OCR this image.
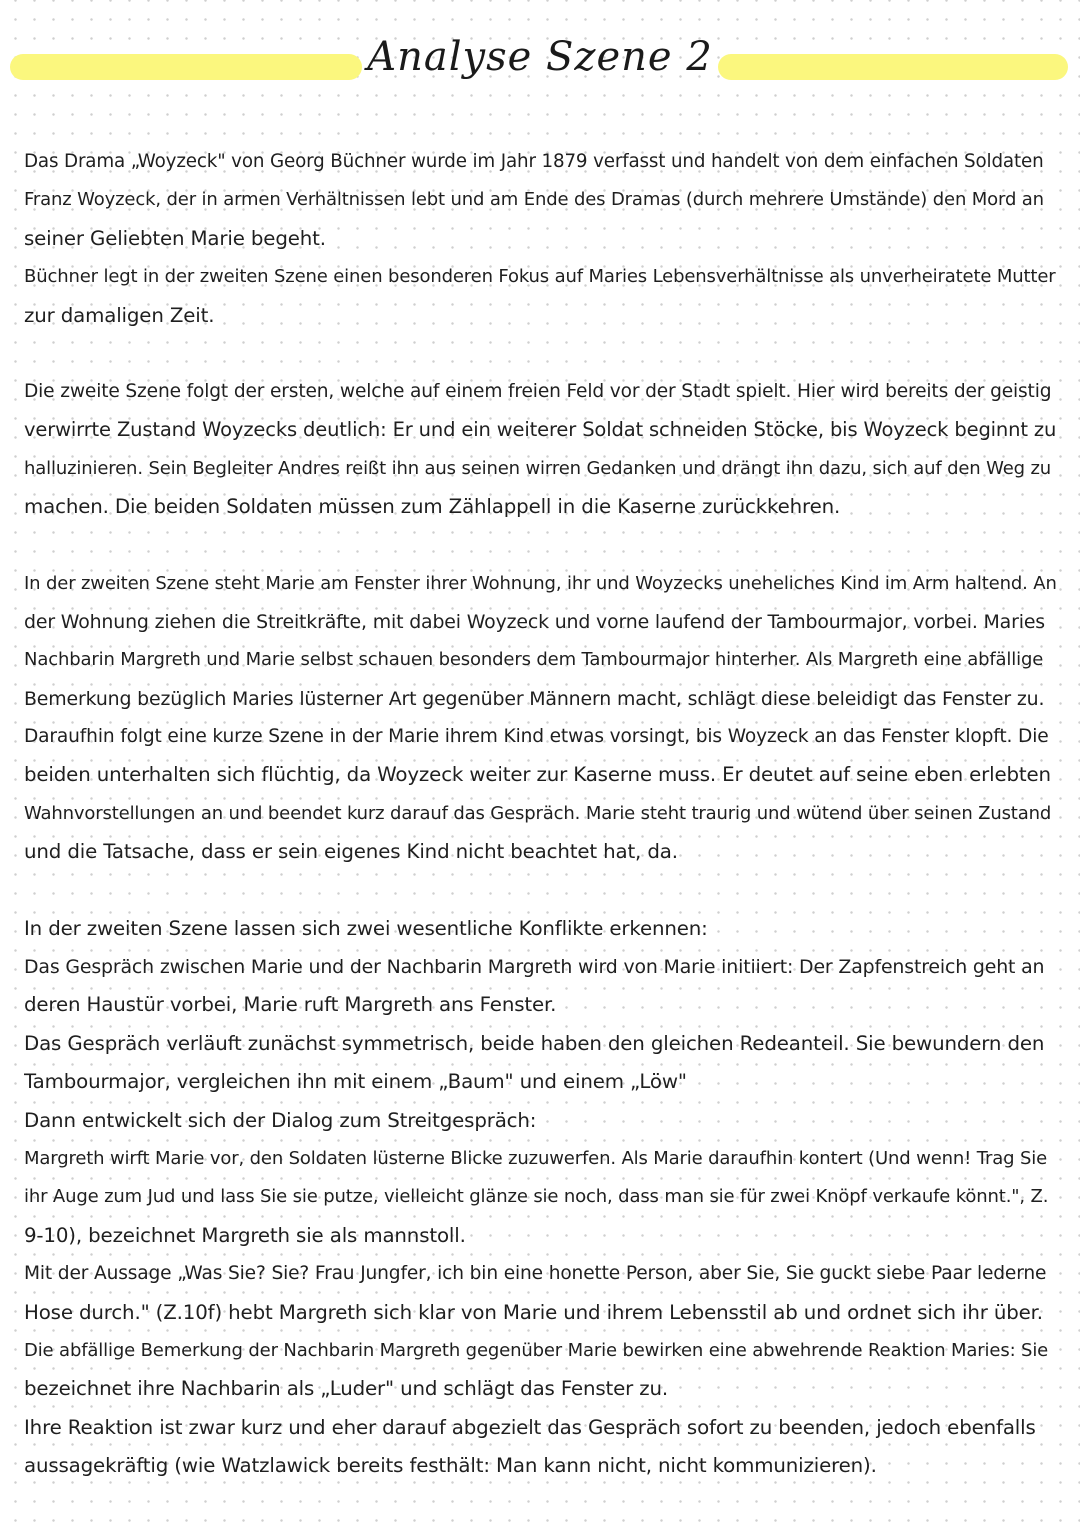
Analyse Szene 2
Das Drama „Woyzeck" von Georg Büchner wurde im Jahr 1879 verfasst und handelt von dem einfachen Soldaten
Franz Woyzeck, der in armen Verhältnissen lebt und am Ende des Dramas (durch mehrere Umstände) den Mord an
seiner Geliebten Marie begeht.
Büchner legt in der zweiten Szene einen besonderen Fokus auf Maries Lebensverhältnisse als unverheiratete Mutter
zur damaligen Zeit.
Die zweite Szene folgt der ersten, welche auf einem freien Feld vor der Stadt spielt. Hier wird bereits der geistig
verwirrte Zustand Woyzecks deutlich: Er und ein weiterer Soldat schneiden Stöcke, bis Woyzeck beginnt zu
halluzinieren. Sein Begleiter Andres reißt ihn aus seinen wirren Gedanken und drängt ihn dazu, sich auf den Weg zu
machen. Die beiden Soldaten müssen zum Zählappell in die Kaserne zurückkehren.
In der zweiten Szene steht Marie am Fenster ihrer Wohnung, ihr und Woyzecks uneheliches Kind im Arm haltend. An
der Wohnung ziehen die Streitkräfte, mit dabei Woyzeck und vorne laufend der Tambourmajor, vorbei. Maries
Nachbarin Margreth und Marie selbst schauen besonders dem Tambourmajor hinterher. Als Margreth eine abfällige
Bemerkung bezüglich Maries lüsterner Art gegenüber Männern macht, schlägt diese beleidigt das Fenster zu.
Daraufhin folgt eine kurze Szene in der Marie ihrem Kind etwas vorsingt, bis Woyzeck an das Fenster klopft. Die
beiden unterhalten sich flüchtig, da Woyzeck weiter zur Kaserne muss. Er deutet auf seine eben erlebten
Wahnvorstellungen an und beendet kurz darauf das Gespräch. Marie steht traurig und wütend über seinen Zustand
und die Tatsache, dass er sein eigenes Kind nicht beachtet hat, da.
In der zweiten Szene lassen sich zwei wesentliche Konflikte erkennen:
Das Gespräch zwischen Marie und der Nachbarin Margreth wird von Marie initiiert: Der Zapfenstreich geht an
deren Haustür vorbei, Marie ruft Margreth ans Fenster.
Das Gespräch verläuft zunächst symmetrisch, beide haben den gleichen Redeanteil. Sie bewundern den
Tambourmajor, vergleichen ihn mit einem „Baum" und einem „Löw"
Dann entwickelt sich der Dialog zum Streitgespräch:
Margreth wirft Marie vor, den Soldaten lüsterne Blicke zuzuwerfen. Als Marie daraufhin kontert (Und wenn! Trag Sie
ihr Auge zum Jud und lass Sie sie putze, vielleicht glänze sie noch, dass man sie für zwei Knöpf verkaufe könnt.", Z.
9-10), bezeichnet Margreth sie als mannstoll.
Mit der Aussage „Was Sie? Sie? Frau Jungfer, ich bin eine honette Person, aber Sie, Sie guckt siebe Paar lederne
Hose durch." (Z.10f) hebt Margreth sich klar von Marie und ihrem Lebensstil ab und ordnet sich ihr über.
Die abfällige Bemerkung der Nachbarin Margreth gegenüber Marie bewirken eine abwehrende Reaktion Maries: Sie
bezeichnet ihre Nachbarin als „Luder" und schlägt das Fenster zu.
Ihre Reaktion ist zwar kurz und eher darauf abgezielt das Gespräch sofort zu beenden, jedoch ebenfalls
aussagekräftig (wie Watzlawick bereits festhält: Man kann nicht, nicht kommunizieren).
